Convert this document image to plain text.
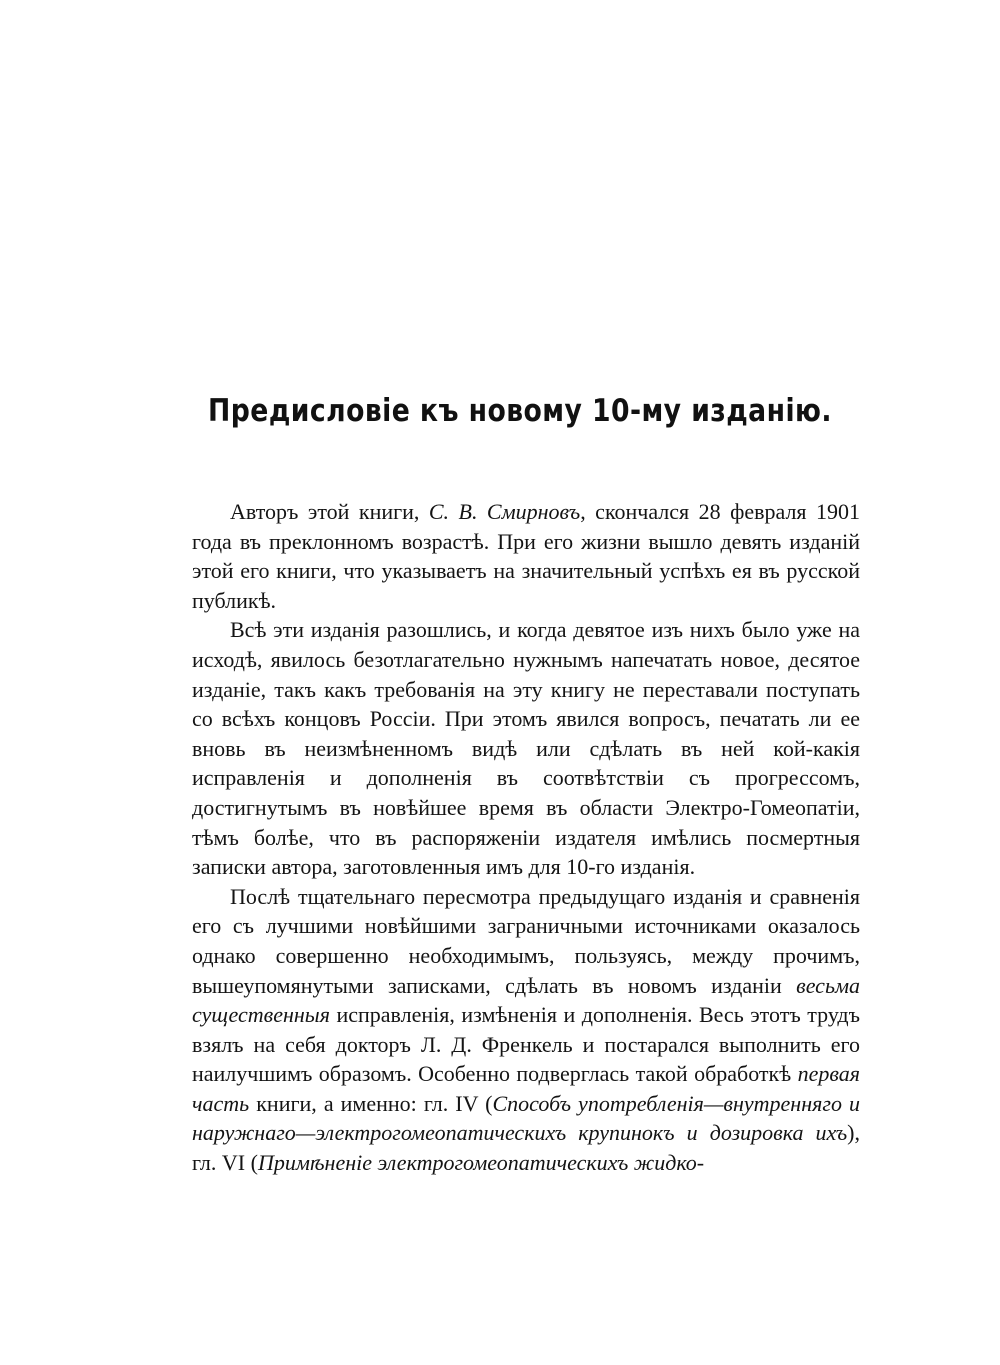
Предисловіе къ новому 10-му изданію.

Авторъ этой книги, С. В. Смирновъ, скончался 28 февраля 1901 года въ преклонномъ возрастѣ. При его жизни вышло девять изданій этой его книги, что указываетъ на значительный успѣхъ ея въ русской публикѣ.

Всѣ эти изданія разошлись, и когда девятое изъ нихъ было уже на исходѣ, явилось безотлагательно нужнымъ напечатать новое, десятое изданіе, такъ какъ требованія на эту книгу не переставали поступать со всѣхъ концовъ Россіи. При этомъ явился вопросъ, печатать ли ее вновь въ неизмѣненномъ видѣ или сдѣлать въ ней кой-какія исправленія и дополненія въ соотвѣтствіи съ прогрессомъ, достигнутымъ въ новѣйшее время въ области Электро-Гомеопатіи, тѣмъ болѣе, что въ распоряженіи издателя имѣлись посмертныя записки автора, заготовленныя имъ для 10-го изданія.

Послѣ тщательнаго пересмотра предыдущаго изданія и сравненія его съ лучшими новѣйшими заграничными источниками оказалось однако совершенно необходимымъ, пользуясь, между прочимъ, вышеупомянутыми записками, сдѣлать въ новомъ изданіи весьма существенныя исправленія, измѣненія и дополненія. Весь этотъ трудъ взялъ на себя докторъ Л. Д. Френкель и постарался выполнить его наилучшимъ образомъ. Особенно подверглась такой обработкѣ первая часть книги, а именно: гл. IV (Способъ употребленія—внутренняго и наружнаго—электрогомеопатическихъ крупинокъ и дозировка ихъ), гл. VI (Примѣненіе электрогомеопатическихъ жидко-
